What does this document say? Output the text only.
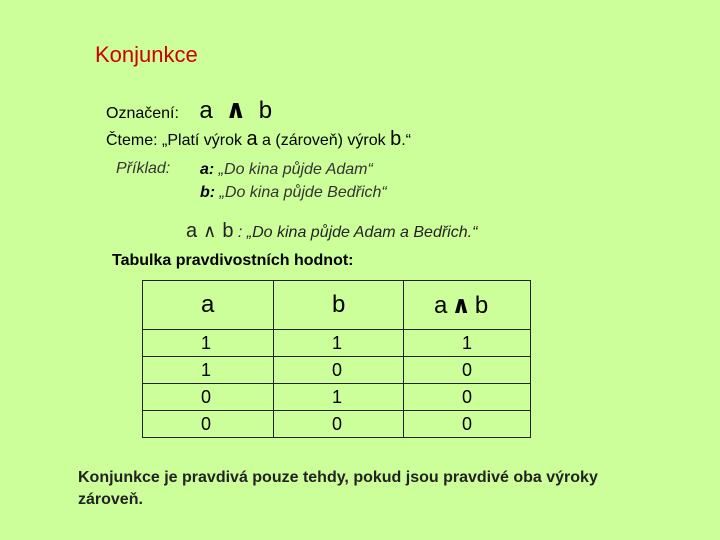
Konjunkce
Označení: a ∧ b
Čteme: „Platí výrok a a (zároveň) výrok b.“
Příklad: a: „Do kina půjde Adam“
b: „Do kina půjde Bedřich“
a ∧ b : „Do kina půjde Adam a Bedřich.“
Tabulka pravdivostních hodnot:
a	b	a ∧ b
1	1	1
1	0	0
0	1	0
0	0	0
Konjunkce je pravdivá pouze tehdy, pokud jsou pravdivé oba výroky zároveň.
